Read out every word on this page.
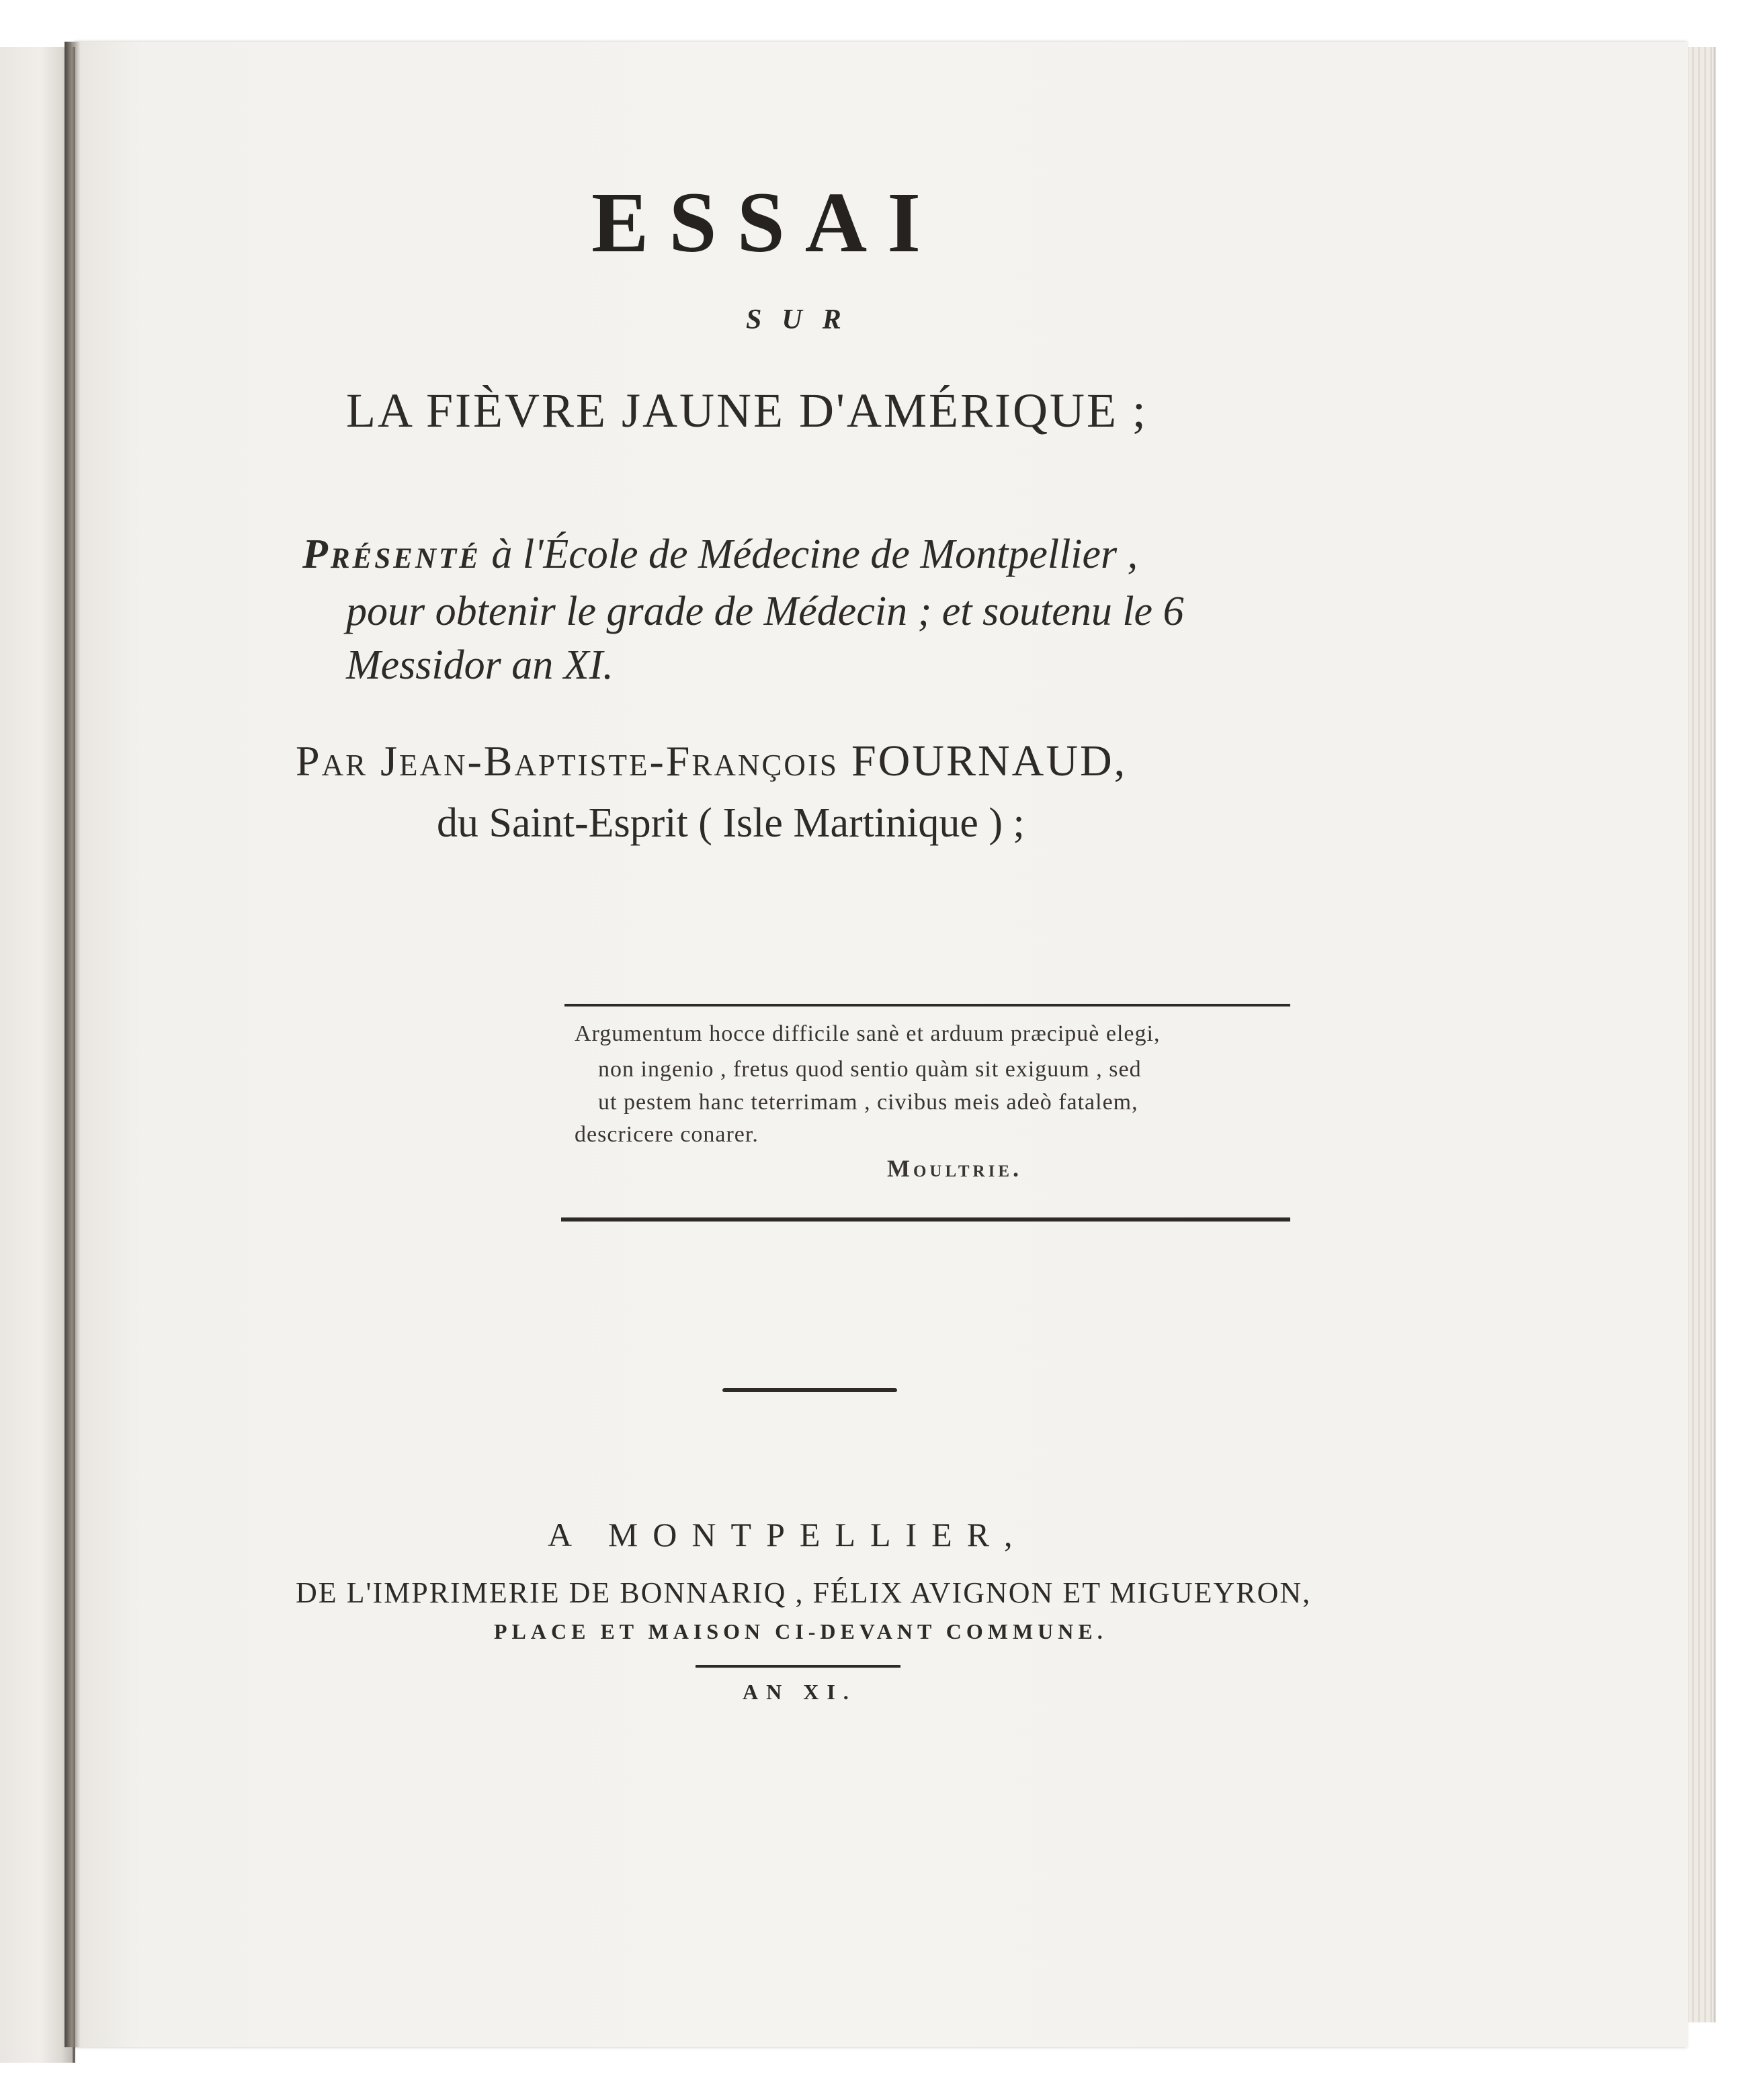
ESSAI
SUR
LA FIÈVRE JAUNE D'AMÉRIQUE ;
Présenté à l'École de Médecine de Montpellier ,
pour obtenir le grade de Médecin ; et soutenu le 6
Messidor an XI.
Par Jean-Baptiste-François FOURNAUD,
du Saint-Esprit ( Isle Martinique ) ;
Argumentum hocce difficile sanè et arduum præcipuè elegi,
non ingenio , fretus quod sentio quàm sit exiguum , sed
ut pestem hanc teterrimam , civibus meis adeò fatalem,
descricere conarer.
Moultrie.
A MONTPELLIER,
DE L'IMPRIMERIE DE BONNARIQ , FÉLIX AVIGNON ET MIGUEYRON,
PLACE ET MAISON CI-DEVANT COMMUNE.
AN XI.
